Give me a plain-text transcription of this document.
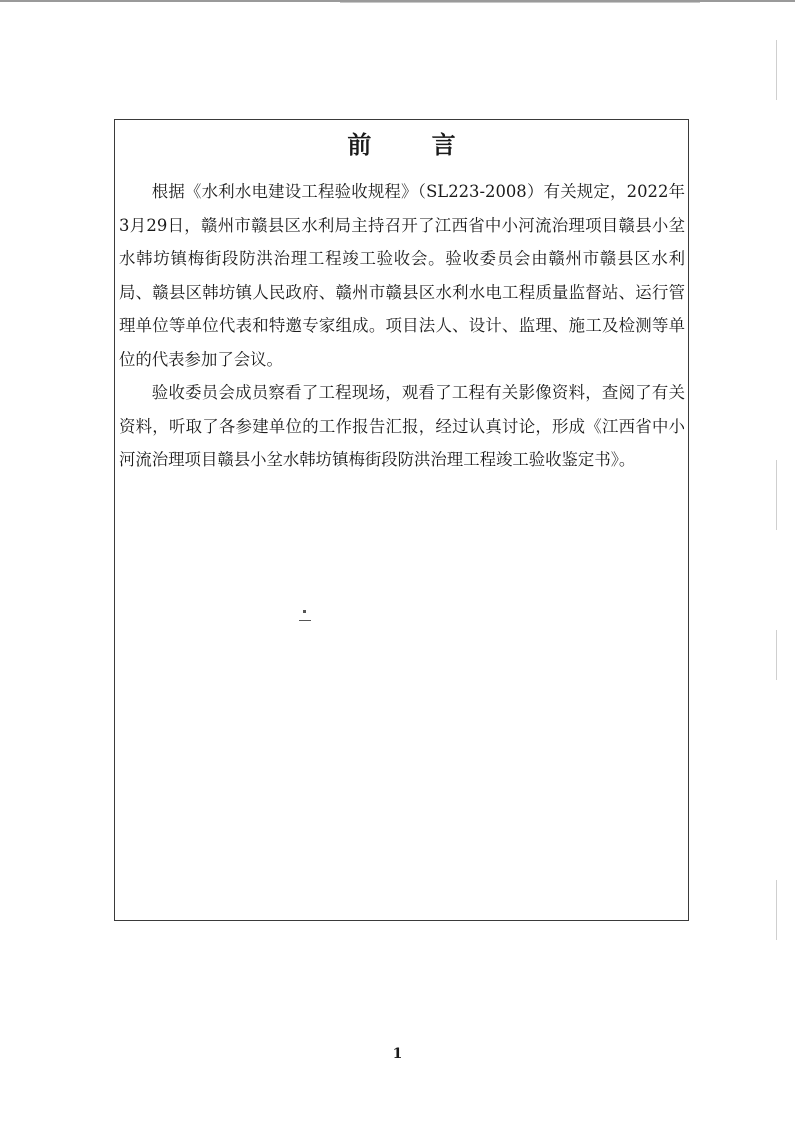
前 言

根据《水利水电建设工程验收规程》（SL223-2008）有关规定，2022年3月29日，赣州市赣县区水利局主持召开了江西省中小河流治理项目赣县小坌水韩坊镇梅街段防洪治理工程竣工验收会。验收委员会由赣州市赣县区水利局、赣县区韩坊镇人民政府、赣州市赣县区水利水电工程质量监督站、运行管理单位等单位代表和特邀专家组成。项目法人、设计、监理、施工及检测等单位的代表参加了会议。

验收委员会成员察看了工程现场，观看了工程有关影像资料，查阅了有关资料，听取了各参建单位的工作报告汇报，经过认真讨论，形成《江西省中小河流治理项目赣县小坌水韩坊镇梅街段防洪治理工程竣工验收鉴定书》。

1
